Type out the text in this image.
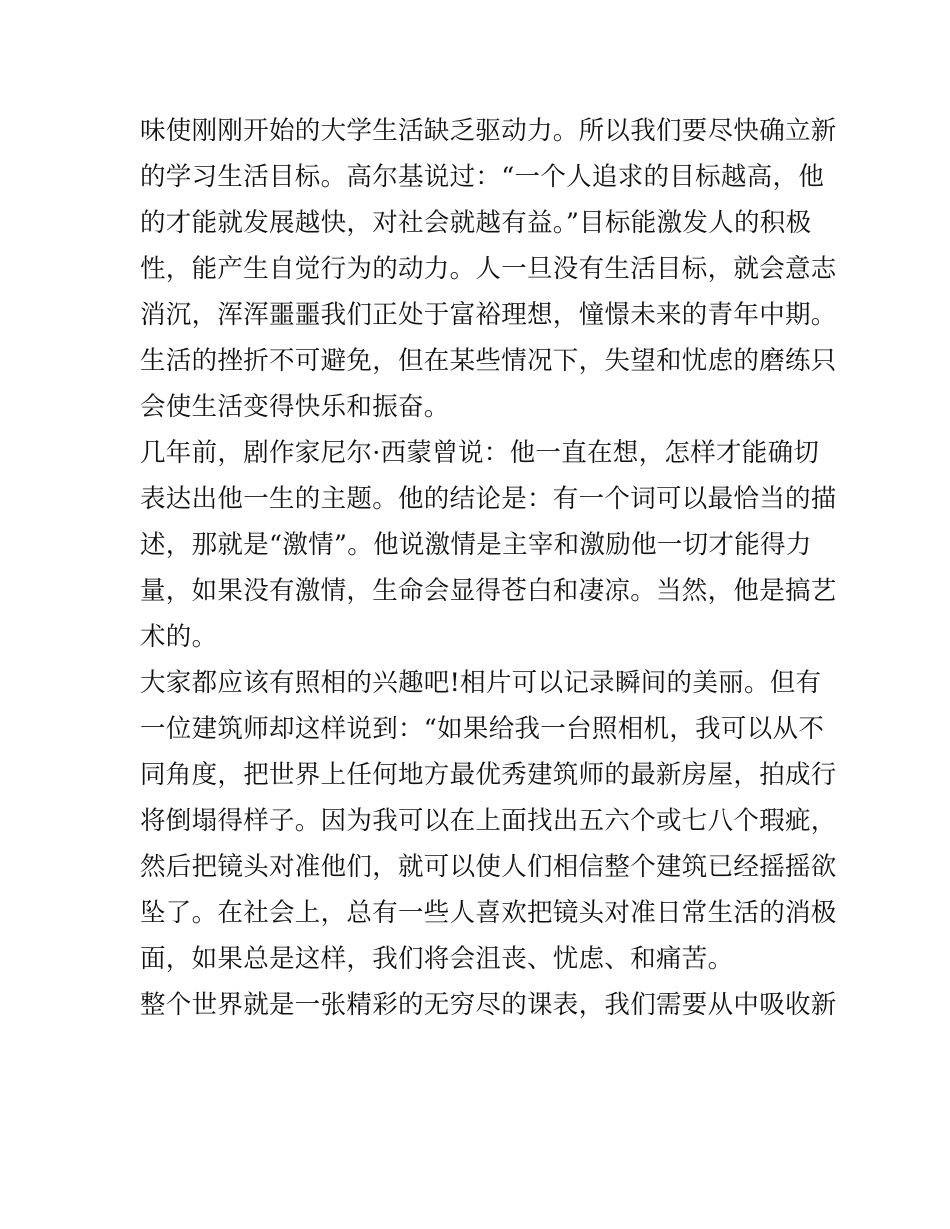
味使刚刚开始的大学生活缺乏驱动力。所以我们要尽快确立新
的学习生活目标。高尔基说过：“一个人追求的目标越高，他
的才能就发展越快，对社会就越有益。”目标能激发人的积极
性，能产生自觉行为的动力。人一旦没有生活目标，就会意志
消沉，浑浑噩噩我们正处于富裕理想，憧憬未来的青年中期。
生活的挫折不可避免，但在某些情况下，失望和忧虑的磨练只
会使生活变得快乐和振奋。
几年前，剧作家尼尔·西蒙曾说：他一直在想，怎样才能确切
表达出他一生的主题。他的结论是：有一个词可以最恰当的描
述，那就是“激情”。他说激情是主宰和激励他一切才能得力
量，如果没有激情，生命会显得苍白和凄凉。当然，他是搞艺
术的。
大家都应该有照相的兴趣吧!相片可以记录瞬间的美丽。但有
一位建筑师却这样说到：“如果给我一台照相机，我可以从不
同角度，把世界上任何地方最优秀建筑师的最新房屋，拍成行
将倒塌得样子。因为我可以在上面找出五六个或七八个瑕疵，
然后把镜头对准他们，就可以使人们相信整个建筑已经摇摇欲
坠了。在社会上，总有一些人喜欢把镜头对准日常生活的消极
面，如果总是这样，我们将会沮丧、忧虑、和痛苦。
整个世界就是一张精彩的无穷尽的课表，我们需要从中吸收新
